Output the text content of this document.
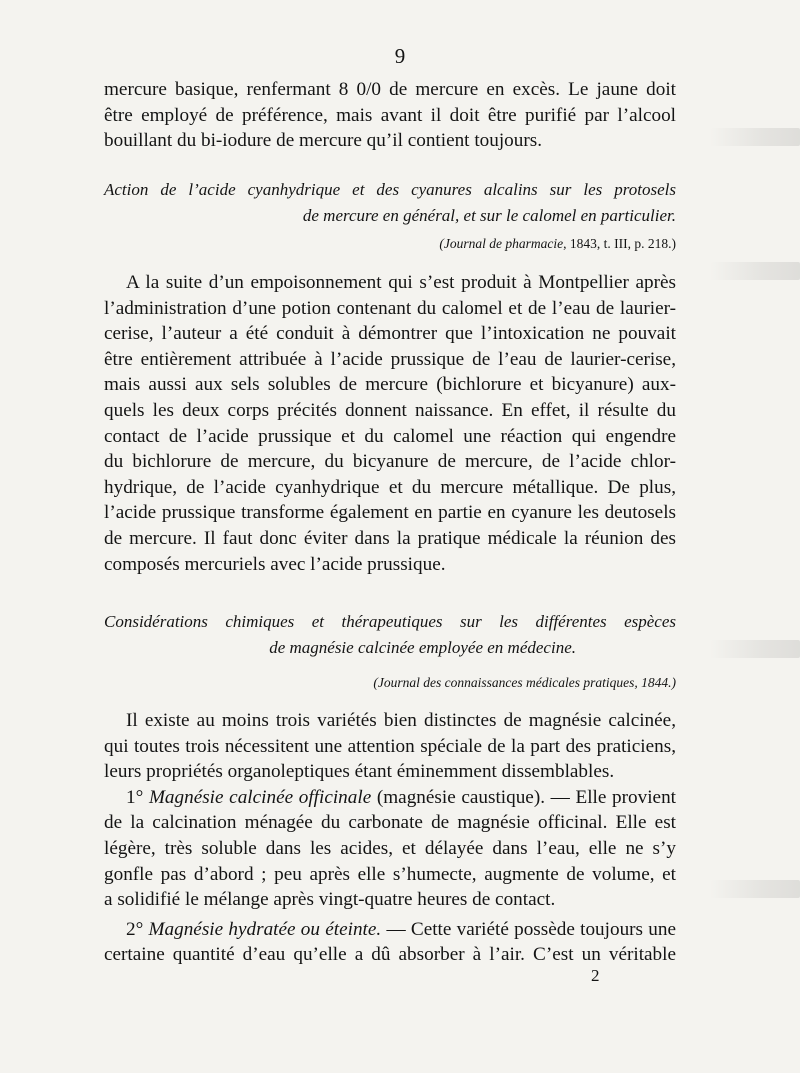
9
mercure basique, renfermant 8 0/0 de mercure en excès. Le jaune doit
être employé de préférence, mais avant il doit être purifié par l’alcool
bouillant du bi-iodure de mercure qu’il contient toujours.
Action de l’acide cyanhydrique et des cyanures alcalins sur les protosels
de mercure en général, et sur le calomel en particulier.
(Journal de pharmacie, 1843, t. III, p. 218.)
A la suite d’un empoisonnement qui s’est produit à Montpellier après
l’administration d’une potion contenant du calomel et de l’eau de laurier-
cerise, l’auteur a été conduit à démontrer que l’intoxication ne pouvait
être entièrement attribuée à l’acide prussique de l’eau de laurier-cerise,
mais aussi aux sels solubles de mercure (bichlorure et bicyanure) aux-
quels les deux corps précités donnent naissance. En effet, il résulte du
contact de l’acide prussique et du calomel une réaction qui engendre
du bichlorure de mercure, du bicyanure de mercure, de l’acide chlor-
hydrique, de l’acide cyanhydrique et du mercure métallique. De plus,
l’acide prussique transforme également en partie en cyanure les deutosels
de mercure. Il faut donc éviter dans la pratique médicale la réunion des
composés mercuriels avec l’acide prussique.
Considérations chimiques et thérapeutiques sur les différentes espèces
de magnésie calcinée employée en médecine.
(Journal des connaissances médicales pratiques, 1844.)
Il existe au moins trois variétés bien distinctes de magnésie calcinée,
qui toutes trois nécessitent une attention spéciale de la part des praticiens,
leurs propriétés organoleptiques étant éminemment dissemblables.
1° Magnésie calcinée officinale (magnésie caustique). — Elle provient
de la calcination ménagée du carbonate de magnésie officinal. Elle est
légère, très soluble dans les acides, et délayée dans l’eau, elle ne s’y
gonfle pas d’abord ; peu après elle s’humecte, augmente de volume, et
a solidifié le mélange après vingt-quatre heures de contact.
2° Magnésie hydratée ou éteinte. — Cette variété possède toujours une
certaine quantité d’eau qu’elle a dû absorber à l’air. C’est un véritable
2
